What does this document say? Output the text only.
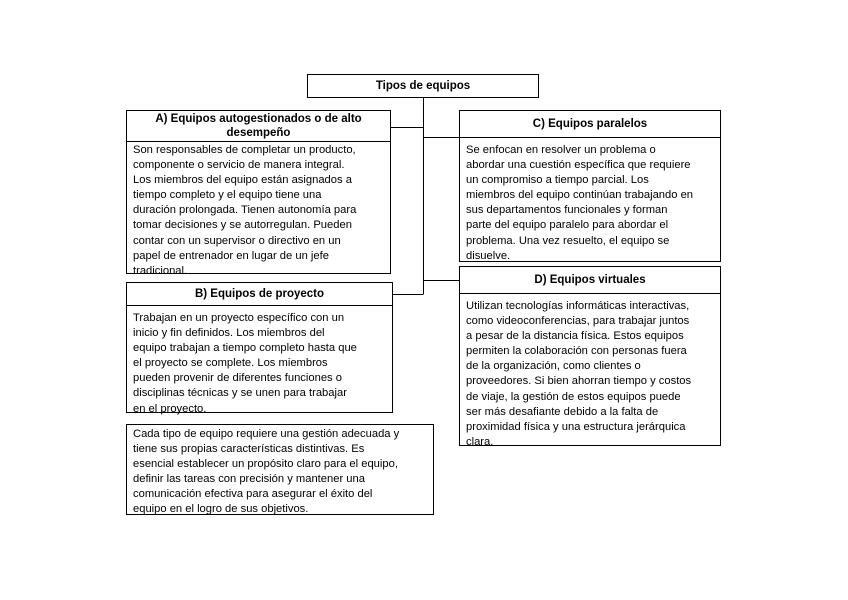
Tipos de equipos
A) Equipos autogestionados o de alto
desempeño
Son responsables de completar un producto,
componente o servicio de manera integral.
Los miembros del equipo están asignados a
tiempo completo y el equipo tiene una
duración prolongada. Tienen autonomía para
tomar decisiones y se autorregulan. Pueden
contar con un supervisor o directivo en un
papel de entrenador en lugar de un jefe
tradicional.
B) Equipos de proyecto
Trabajan en un proyecto específico con un
inicio y fin definidos. Los miembros del
equipo trabajan a tiempo completo hasta que
el proyecto se complete. Los miembros
pueden provenir de diferentes funciones o
disciplinas técnicas y se unen para trabajar
en el proyecto.
C) Equipos paralelos
Se enfocan en resolver un problema o
abordar una cuestión específica que requiere
un compromiso a tiempo parcial. Los
miembros del equipo continúan trabajando en
sus departamentos funcionales y forman
parte del equipo paralelo para abordar el
problema. Una vez resuelto, el equipo se
disuelve.
D) Equipos virtuales
Utilizan tecnologías informáticas interactivas,
como videoconferencias, para trabajar juntos
a pesar de la distancia física. Estos equipos
permiten la colaboración con personas fuera
de la organización, como clientes o
proveedores. Si bien ahorran tiempo y costos
de viaje, la gestión de estos equipos puede
ser más desafiante debido a la falta de
proximidad física y una estructura jerárquica
clara.
Cada tipo de equipo requiere una gestión adecuada y
tiene sus propias características distintivas. Es
esencial establecer un propósito claro para el equipo,
definir las tareas con precisión y mantener una
comunicación efectiva para asegurar el éxito del
equipo en el logro de sus objetivos.
